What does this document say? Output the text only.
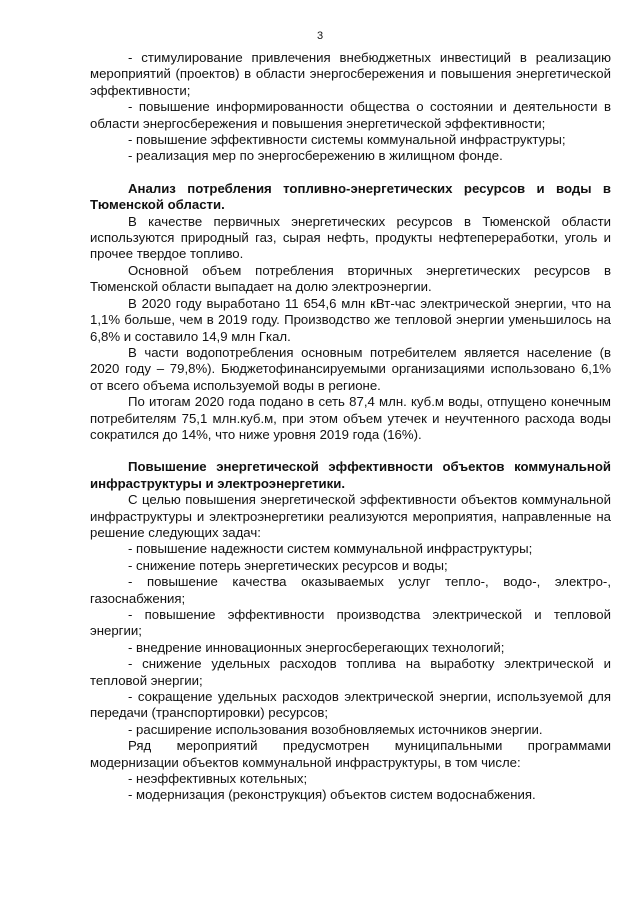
3

- стимулирование привлечения внебюджетных инвестиций в реализацию мероприятий (проектов) в области энергосбережения и повышения энергетической эффективности;

- повышение информированности общества о состоянии и деятельности в области энергосбережения и повышения энергетической эффективности;

- повышение эффективности системы коммунальной инфраструктуры;

- реализация мер по энергосбережению в жилищном фонде.

Анализ потребления топливно-энергетических ресурсов и воды в Тюменской области.

В качестве первичных энергетических ресурсов в Тюменской области используются природный газ, сырая нефть, продукты нефтепереработки, уголь и прочее твердое топливо.

Основной объем потребления вторичных энергетических ресурсов в Тюменской области выпадает на долю электроэнергии.

В 2020 году выработано 11 654,6 млн кВт-час электрической энергии, что на 1,1% больше, чем в 2019 году. Производство же тепловой энергии уменьшилось на 6,8% и составило 14,9 млн Гкал.

В части водопотребления основным потребителем является население (в 2020 году – 79,8%). Бюджетофинансируемыми организациями использовано 6,1% от всего объема используемой воды в регионе.

По итогам 2020 года подано в сеть 87,4 млн. куб.м воды, отпущено конечным потребителям 75,1 млн.куб.м, при этом объем утечек и неучтенного расхода воды сократился до 14%, что ниже уровня 2019 года (16%).

Повышение энергетической эффективности объектов коммунальной инфраструктуры и электроэнергетики.

С целью повышения энергетической эффективности объектов коммунальной инфраструктуры и электроэнергетики реализуются мероприятия, направленные на решение следующих задач:

- повышение надежности систем коммунальной инфраструктуры;

- снижение потерь энергетических ресурсов и воды;

- повышение качества оказываемых услуг тепло-, водо-, электро-, газоснабжения;

- повышение эффективности производства электрической и тепловой энергии;

- внедрение инновационных энергосберегающих технологий;

- снижение удельных расходов топлива на выработку электрической и тепловой энергии;

- сокращение удельных расходов электрической энергии, используемой для передачи (транспортировки) ресурсов;

- расширение использования возобновляемых источников энергии.

Ряд мероприятий предусмотрен муниципальными программами модернизации объектов коммунальной инфраструктуры, в том числе:

- неэффективных котельных;

- модернизация (реконструкция) объектов систем водоснабжения.
